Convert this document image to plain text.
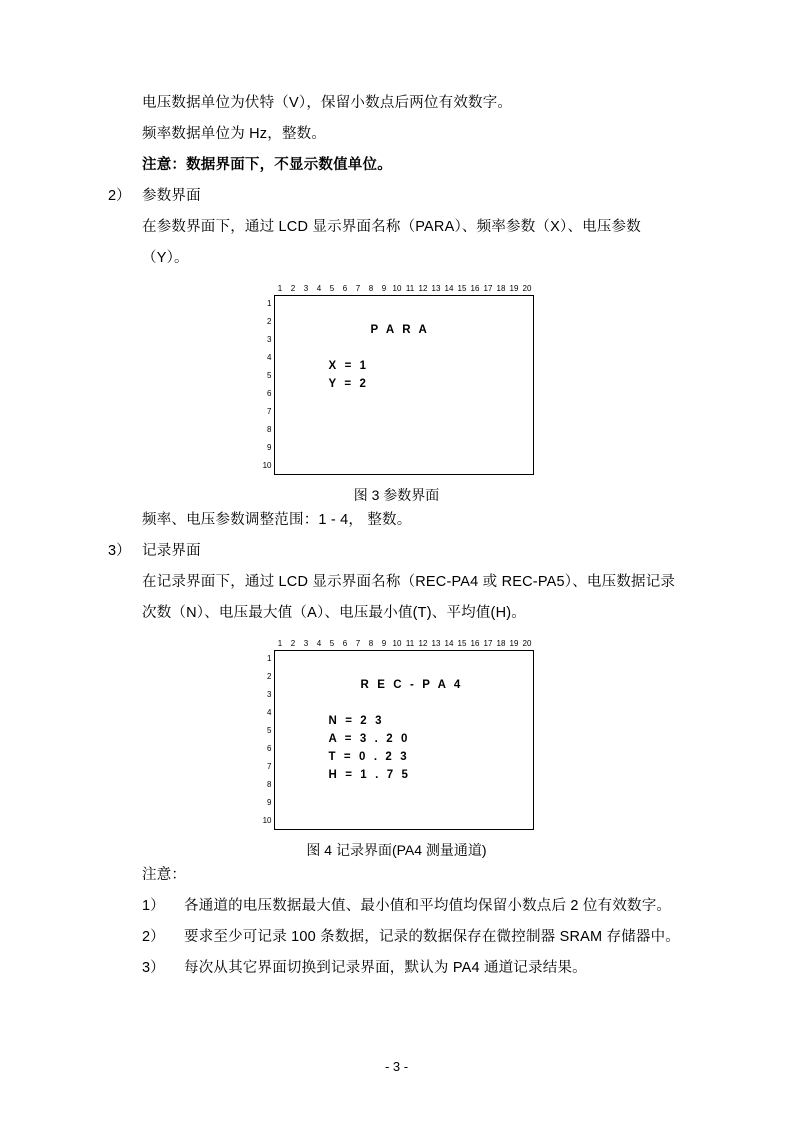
电压数据单位为伏特（V），保留小数点后两位有效数字。

频率数据单位为 Hz，整数。

注意：数据界面下，不显示数值单位。

2） 参数界面

在参数界面下，通过 LCD 显示界面名称（PARA）、频率参数（X）、电压参数（Y）。

1	2	3	4	5	6	7	8	9 10 11 12 13 14 15 16 17 18 19 20
1
2
3
4
5
6
7
8
9
10
P A R A
X = 1
Y = 2
图 3 参数界面

频率、电压参数调整范围：1 - 4， 整数。

3） 记录界面

在记录界面下，通过 LCD 显示界面名称（REC-PA4 或 REC-PA5）、电压数据记录次数（N）、电压最大值（A）、电压最小值(T)、平均值(H)。

1	2	3	4	5	6	7	8	9 10 11 12 13 14 15 16 17 18 19 20
1
2
3
4
5
6
7
8
9
10
R E C - P A 4
N = 2 3
A = 3 . 2 0
T = 0 . 2 3
H = 1 . 7 5
图 4 记录界面(PA4 测量通道)

注意：

1）	各通道的电压数据最大值、最小值和平均值均保留小数点后 2 位有效数字。

2）	要求至少可记录 100 条数据，记录的数据保存在微控制器 SRAM 存储器中。

3）	每次从其它界面切换到记录界面，默认为 PA4 通道记录结果。

- 3 -
